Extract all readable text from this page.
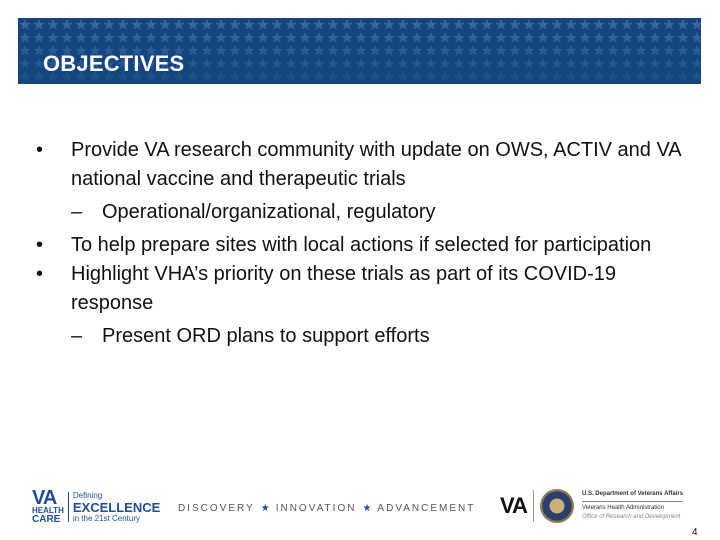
OBJECTIVES
• Provide VA research community with update on OWS, ACTIV and VA national vaccine and therapeutic trials
– Operational/organizational, regulatory
• To help prepare sites with local actions if selected for participation
• Highlight VHA’s priority on these trials as part of its COVID-19 response
– Present ORD plans to support efforts
VA
HEALTH
CARE
Defining
EXCELLENCE
in the 21st Century
DISCOVERY ★ INNOVATION ★ ADVANCEMENT VA	U.S. Department of Veterans Affairs
Veterans Health Administration
Office of Research and Development
4
